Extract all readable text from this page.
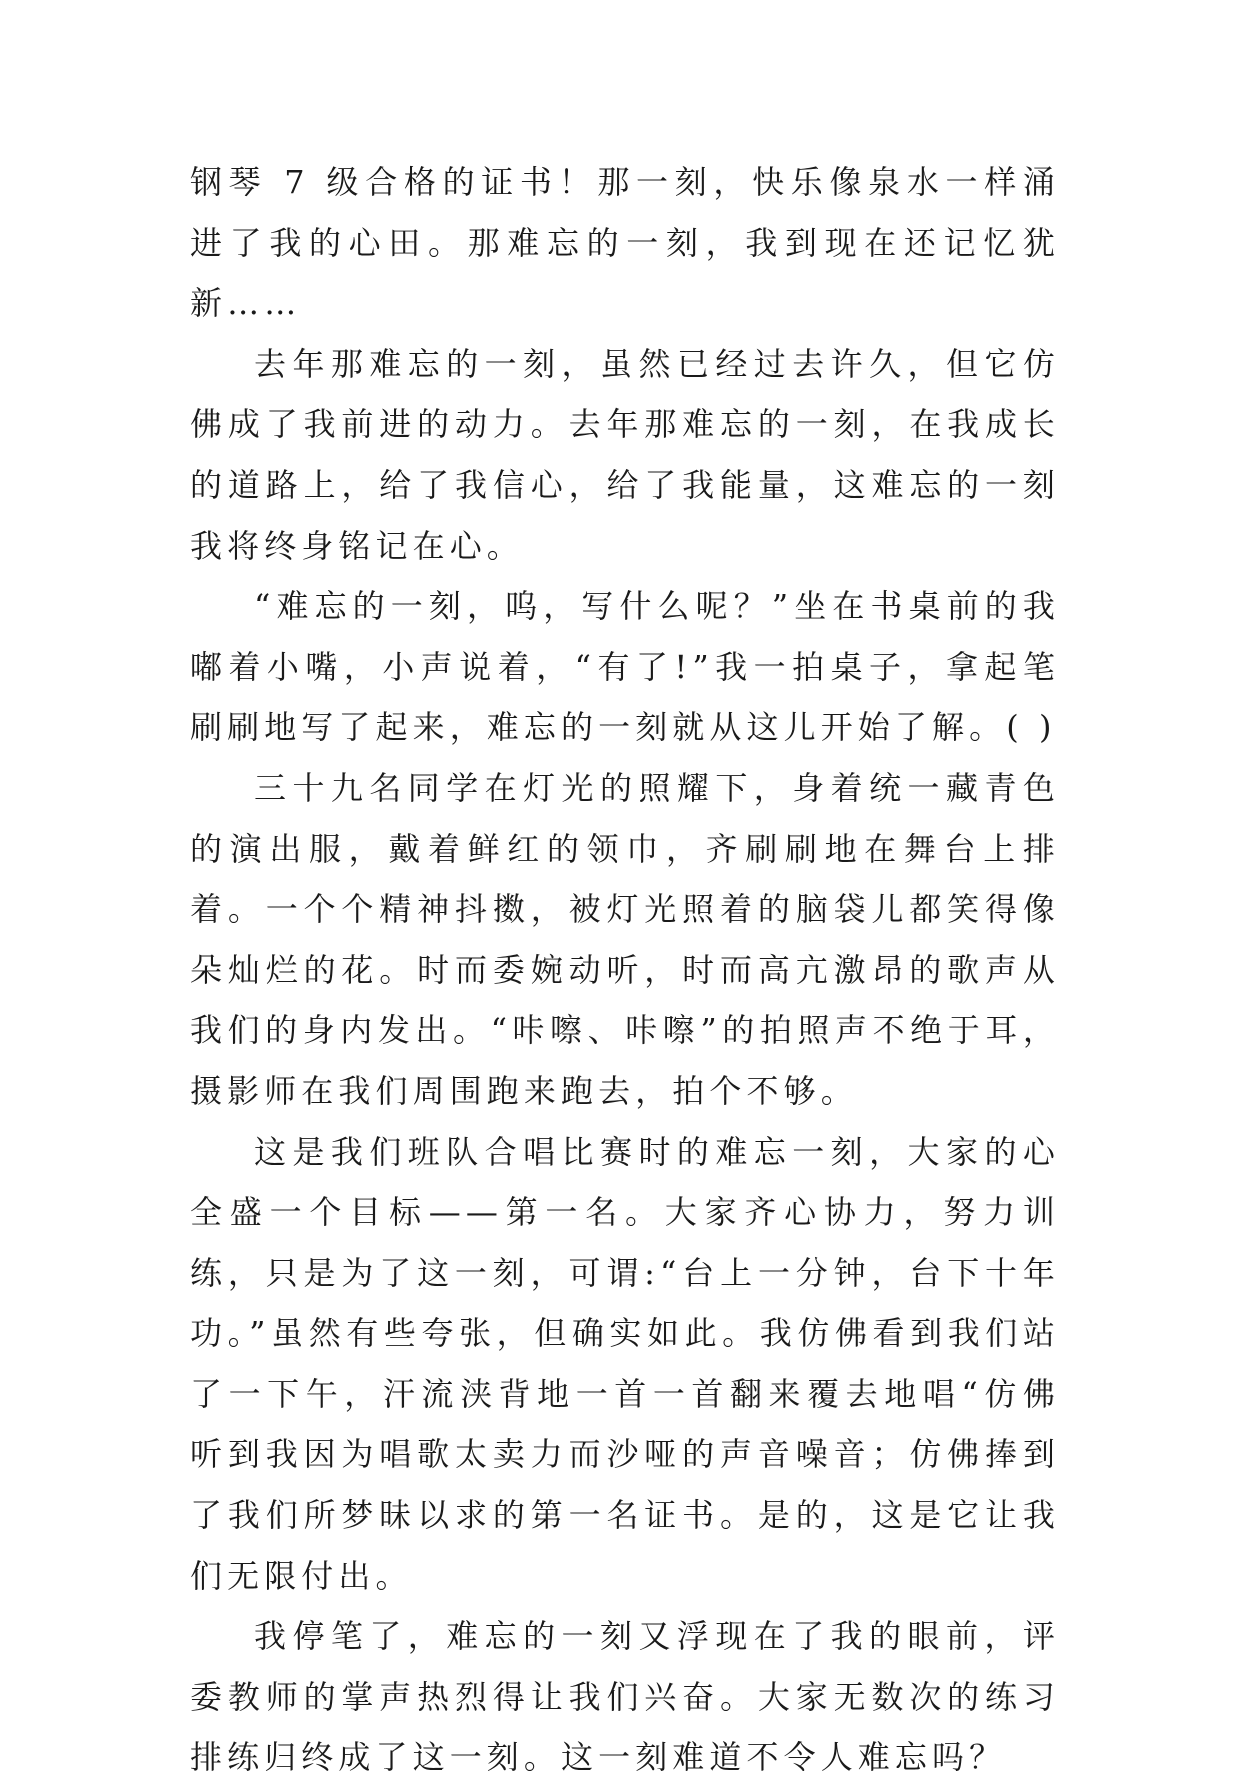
钢琴 7 级合格的证书！那一刻，快乐像泉水一样涌进了我的心田。那难忘的一刻，我到现在还记忆犹新……

去年那难忘的一刻，虽然已经过去许久，但它仿佛成了我前进的动力。去年那难忘的一刻，在我成长的道路上，给了我信心，给了我能量，这难忘的一刻我将终身铭记在心。

“难忘的一刻，呜，写什么呢？”坐在书桌前的我嘟着小嘴，小声说着，“有了!”我一拍桌子，拿起笔刷刷地写了起来，难忘的一刻就从这儿开始了解。( )

三十九名同学在灯光的照耀下，身着统一藏青色的演出服，戴着鲜红的领巾，齐刷刷地在舞台上排着。一个个精神抖擞，被灯光照着的脑袋儿都笑得像朵灿烂的花。时而委婉动听，时而高亢激昂的歌声从我们的身内发出。“咔嚓、咔嚓”的拍照声不绝于耳，摄影师在我们周围跑来跑去，拍个不够。

这是我们班队合唱比赛时的难忘一刻，大家的心全盛一个目标——第一名。大家齐心协力，努力训练，只是为了这一刻，可谓:“台上一分钟，台下十年功。”虽然有些夸张，但确实如此。我仿佛看到我们站了一下午，汗流浃背地一首一首翻来覆去地唱“仿佛听到我因为唱歌太卖力而沙哑的声音噪音；仿佛捧到了我们所梦昧以求的第一名证书。是的，这是它让我们无限付出。

我停笔了，难忘的一刻又浮现在了我的眼前，评委教师的掌声热烈得让我们兴奋。大家无数次的练习排练归终成了这一刻。这一刻难道不令人难忘吗？
